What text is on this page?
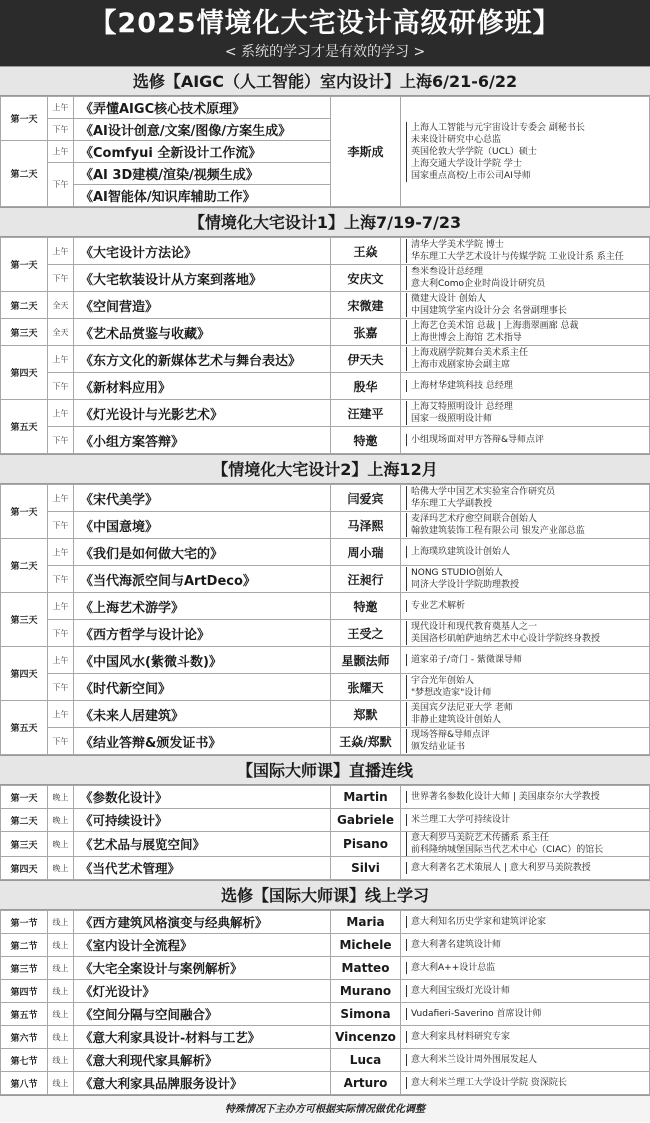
【2025情境化大宅设计高级研修班】
< 系统的学习才是有效的学习 >
选修【AIGC（人工智能）室内设计】上海6/21-6/22
第一天	上午	《弄懂AIGC核心技术原理》	李斯成	上海人工智能与元宇宙设计专委会 副秘书长
未来设计研究中心总监
英国伦敦大学学院（UCL）硕士
上海交通大学设计学院 学士
国家重点高校/上市公司AI导师

	下午	《AI设计创意/文案/图像/方案生成》		
第二天	上午	《Comfyui 全新设计工作流》		
	下午	《AI 3D建模/渲染/视频生成》		
		《AI智能体/知识库辅助工作》		
【情境化大宅设计1】上海7/19-7/23
第一天	上午	《大宅设计方法论》	王焱	清华大学美术学院 博士
华东理工大学艺术设计与传媒学院 工业设计系 系主任

	下午	《大宅软装设计从方案到落地》	安庆文	叁米叁设计总经理
意大利Como企业时尚设计研究员

第二天	全天	《空间营造》	宋微建	微建大设计 创始人
中国建筑学室内设计分会 名誉副理事长

第三天	全天	《艺术品赏鉴与收藏》	张嘉	上海艺仓美术馆 总裁 | 上海翡翠画廊 总裁
上海世博会上海馆 艺术指导

第四天	上午	《东方文化的新媒体艺术与舞台表达》	伊天夫	上海戏剧学院舞台美术系主任
上海市戏剧家协会副主席

	下午	《新材料应用》	殷华	上海材华建筑科技 总经理

第五天	上午	《灯光设计与光影艺术》	汪建平	上海艾特照明设计 总经理
国家一级照明设计师

	下午	《小组方案答辩》	特邀	小组现场面对甲方答辩&导师点评
【情境化大宅设计2】上海12月
第一天	上午	《宋代美学》	闫爱宾	哈佛大学中国艺术实验室合作研究员
华东理工大学副教授

	下午	《中国意境》	马泽熙	麦泽玛艺术疗愈空间联合创始人
翰敦建筑装饰工程有限公司 银发产业部总监

第二天	上午	《我们是如何做大宅的》	周小瑞	上海璞玖建筑设计创始人

	下午	《当代海派空间与ArtDeco》	汪昶行	NONG STUDIO创始人
同济大学设计学院助理教授

第三天	上午	《上海艺术游学》	特邀	专业艺术解析

	下午	《西方哲学与设计论》	王受之	现代设计和现代教育奠基人之一
美国洛杉矶帕萨迪纳艺术中心设计学院终身教授

第四天	上午	《中国风水(紫微斗数)》	星颢法师	道家弟子/奇门 - 紫微课导师

	下午	《时代新空间》	张耀天	宇合光年创始人
"梦想改造家"设计师

第五天	上午	《未来人居建筑》	郑默	美国宾夕法尼亚大学 老师
非静止建筑设计创始人

	下午	《结业答辩&颁发证书》	王焱/郑默	现场答辩&导师点评
颁发结业证书
【国际大师课】直播连线
第一天	晚上	《参数化设计》	Martin	世界著名参数化设计大师 | 美国康奈尔大学教授

第二天	晚上	《可持续设计》	Gabriele	米兰理工大学可持续设计

第三天	晚上	《艺术品与展览空间》	Pisano	意大利罗马美院艺术传播系 系主任
前科隆纳城堡国际当代艺术中心（CIAC）的馆长

第四天	晚上	《当代艺术管理》	Silvi	意大利著名艺术策展人 | 意大利罗马美院教授
选修【国际大师课】线上学习
第一节	线上	《西方建筑风格演变与经典解析》	Maria	意大利知名历史学家和建筑评论家

第二节	线上	《室内设计全流程》	Michele	意大利著名建筑设计师

第三节	线上	《大宅全案设计与案例解析》	Matteo	意大利A++设计总监

第四节	线上	《灯光设计》	Murano	意大利国宝级灯光设计师

第五节	线上	《空间分隔与空间融合》	Simona	Vudafieri-Saverino 首席设计师

第六节	线上	《意大利家具设计-材料与工艺》	Vincenzo	意大利家具材料研究专家

第七节	线上	《意大利现代家具解析》	Luca	意大利米兰设计周外围展发起人

第八节	线上	《意大利家具品牌服务设计》	Arturo	意大利米兰理工大学设计学院 资深院长
特殊情况下主办方可根据实际情况做优化调整
